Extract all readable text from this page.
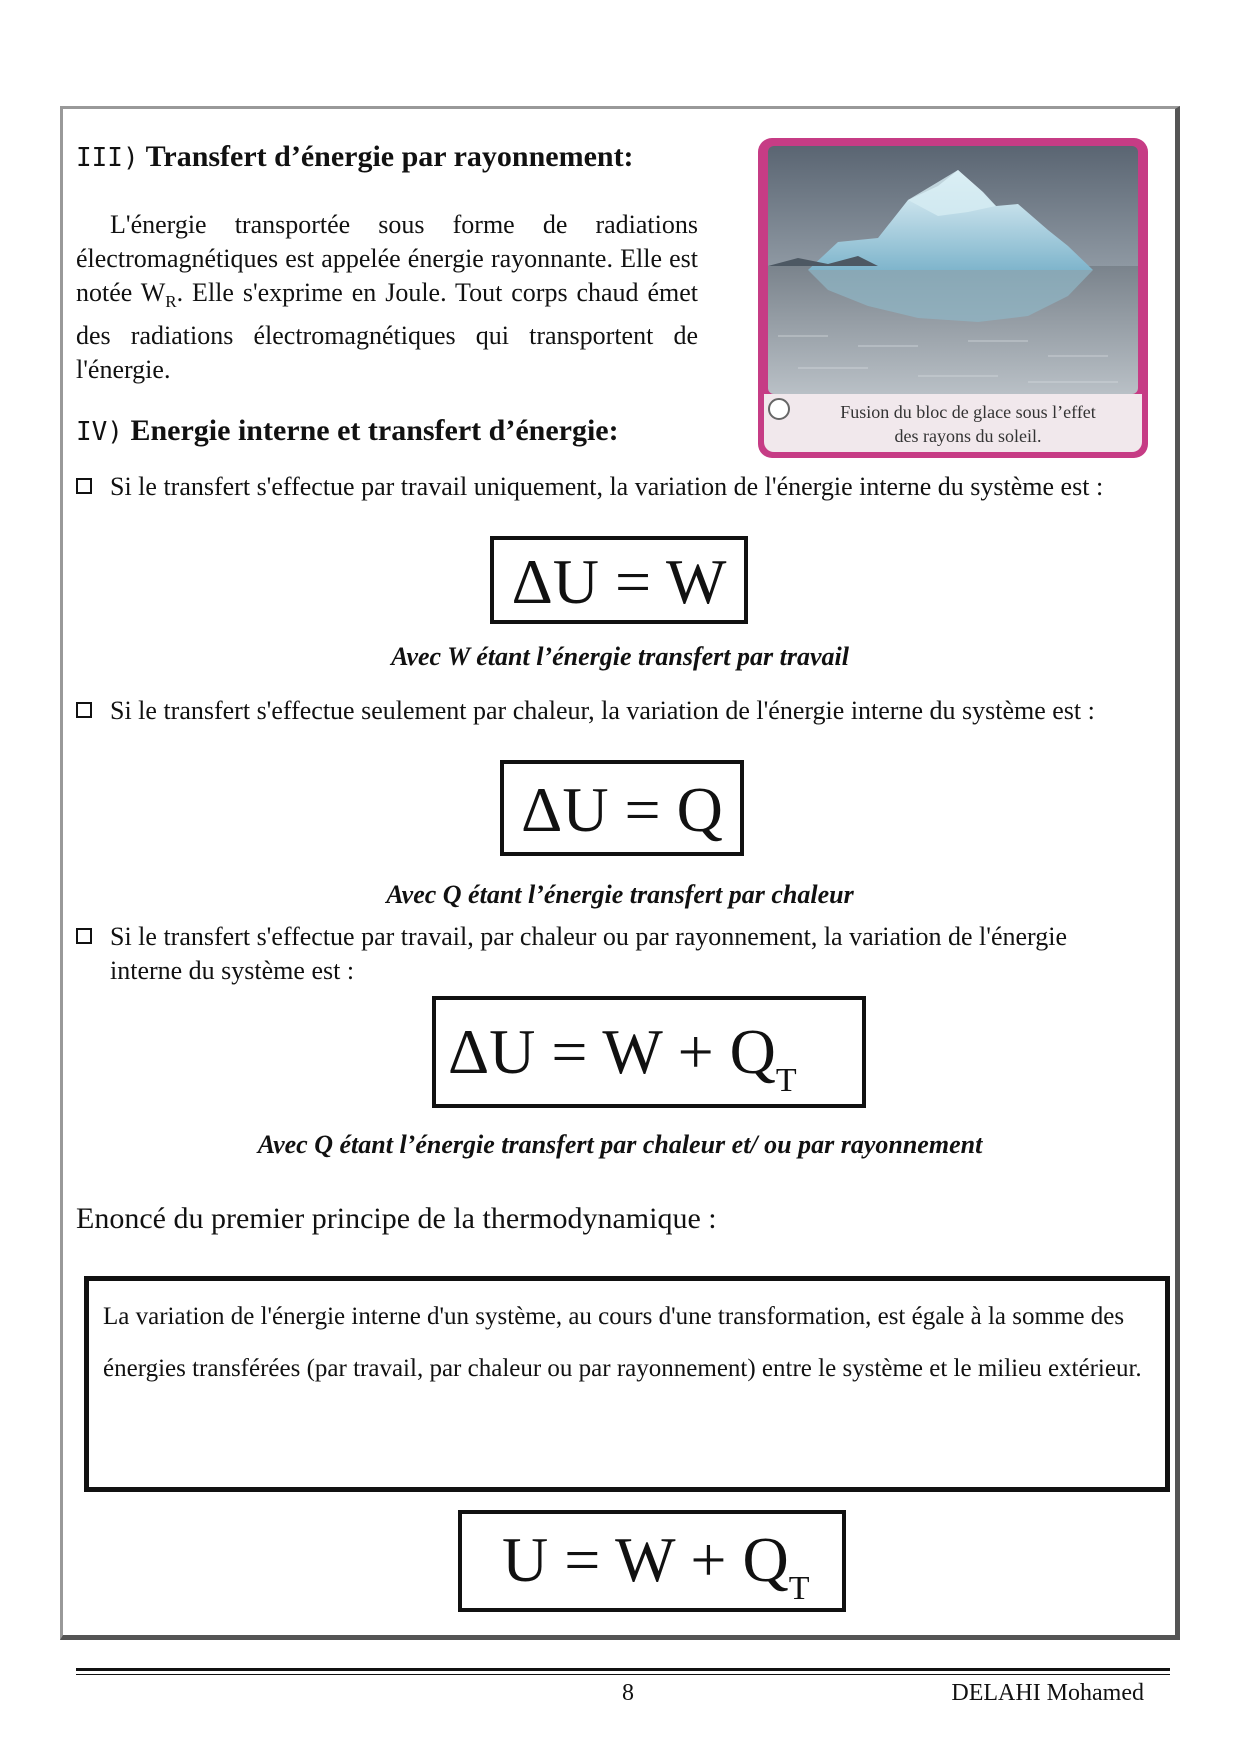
III) Transfert d’énergie par rayonnement:
L'énergie transportée sous forme de radiations électromagnétiques est appelée énergie rayonnante. Elle est notée $W_R$. Elle s'exprime en Joule. Tout corps chaud émet des radiations électromagnétiques qui transportent de l'énergie.
Fusion du bloc de glace sous l’effet
des rayons du soleil.
IV) Energie interne et transfert d’énergie:
Si le transfert s'effectue par travail uniquement, la variation de l'énergie interne du système est :
ΔU = W
Avec W étant l’énergie transfert par travail
Si le transfert s'effectue seulement par chaleur, la variation de l'énergie interne du système est :
ΔU = Q
Avec Q étant l’énergie transfert par chaleur
Si le transfert s'effectue par travail, par chaleur ou par rayonnement, la variation de l'énergie interne du système est :
$\Delta U = W + Q_T$
Avec Q étant l’énergie transfert par chaleur et/ ou par rayonnement
Enoncé du premier principe de la thermodynamique :
La variation de l'énergie interne d'un système, au cours d'une transformation, est égale à la somme des énergies transférées (par travail, par chaleur ou par rayonnement) entre le système et le milieu extérieur.
$U = W + Q_T$
8	DELAHI Mohamed
